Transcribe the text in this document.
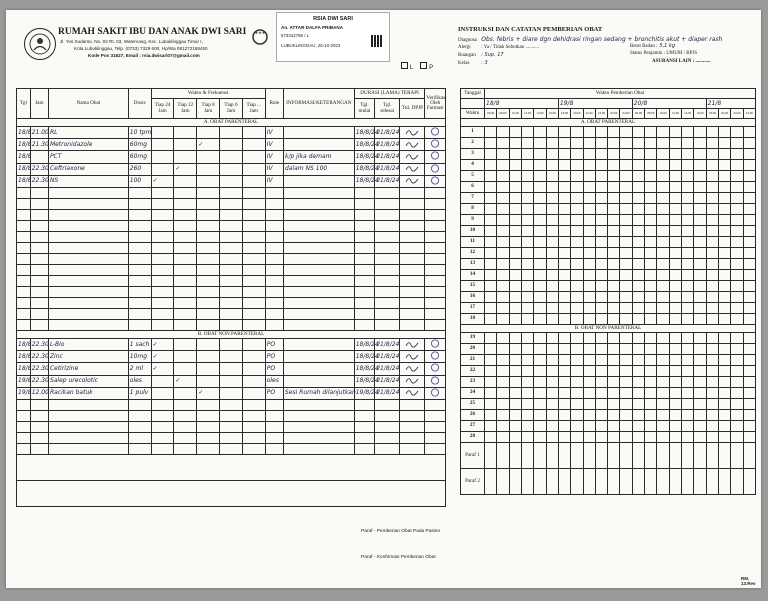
RUMAH SAKIT IBU DAN ANAK DWI SARI
Jl. Yos Sudarso, No. 02 Rt. 03, Watervang, Kec. Lubuklinggau Timur I,
Kota Lubuklinggau, Telp. (0733) 7329 600, Hp/Wa 081272168450
Kode Pos 31627, Email : rsia.dwisari07@gmail.com
★★★
RSIA DWI SARI
An. ATTAR DALFA PRIBANA
673342786 / L
LUBUKLINGGAU, 25-10-2023
L	P
INSTRUKSI DAN CATATAN PEMBERIAN OBAT
Diagnosa Obs. febris + diare dgn dehidrasi ringan sedang + bronchitis akut + diaper rash
Alergi : Ya / Tidak Sebutkan ...........
Ruangan : Sup. 17
Kelas : 3
Berat Badan : 5,1 kg
Status Penjamin : UMUM / BPJS
ASURANSI LAIN : ............
Tgl	Jam	Nama Obat	Dosis	Waktu & Frekuensi					Rute	INFORMASI/KETERANGAN	DURASI (LAMA) TERAPI			Verifikasi Oleh Farmasi
				Tiap 24 Jam	Tiap 12 Jam	Tiap 8 Jam	Tiap 6 Jam	Tiap ... Jam			Tgl. mulai	Tgl. selesai	Ttd. DPJP	
A. OBAT PARENTERAL														
18/8	21.00	RL	10 tpm						IV		18/8/24	21/8/24		
18/8	21.30	Metronidazole	60mg			✓			IV		18/8/24	21/8/24		
18/8		PCT	60mg						IV	k/p jika demam	18/8/24	21/8/24		
18/8	22.30	Ceftriaxone	260		✓				IV	dalam NS 100	18/8/24	21/8/24		
18/8	22.30	NS	100	✓					IV		18/8/24	21/8/24		

B. OBAT NON PARENTERAL														
18/8	22.30	L-Bio	1 sach	✓					PO		18/8/24	21/8/24		
18/8	22.30	Zinc	10mg	✓					PO		18/8/24	21/8/24		
18/8	22.30	Cetirizine	2 ml	✓					PO		18/8/24	21/8/24		
19/8	22.30	Salep urecolotic	oles		✓				oles		18/8/24	21/8/24		
19/8	12.00	Racikan batuk	1 pulv			✓			PO	Sesi Rumah dilanjutkan	19/8/24	21/8/24		

Tanggal	Waktu Pemberian Obat																					
	18/8						19/8						20/8						21/8			
Waktu	06.00	08.00	10.00	12.00	14.00	16.00	18.00	20.00	22.00	24.00	02.00	04.00	06.00	08.00	10.00	12.00	14.00	16.00	18.00	20.00	22.00	24.00
A. OBAT PARENTERAL																						
1																						
2																						
3																						
4																						
5																						
6																						
7																						
8																						
9																						
10																						
11																						
12																						
13																						
14																						
15																						
16																						
17																						
18																						
B. OBAT NON PARENTERAL																						
19																						
20																						
21																						
22																						
23																						
24																						
25																						
26																						
27																						
28																						
Paraf 1																						
Paraf 2																						
Paraf - Pemberian Obat Pada Pasien
Paraf - Konfirmasi Pemberian Obat
RM. 13.Rev
